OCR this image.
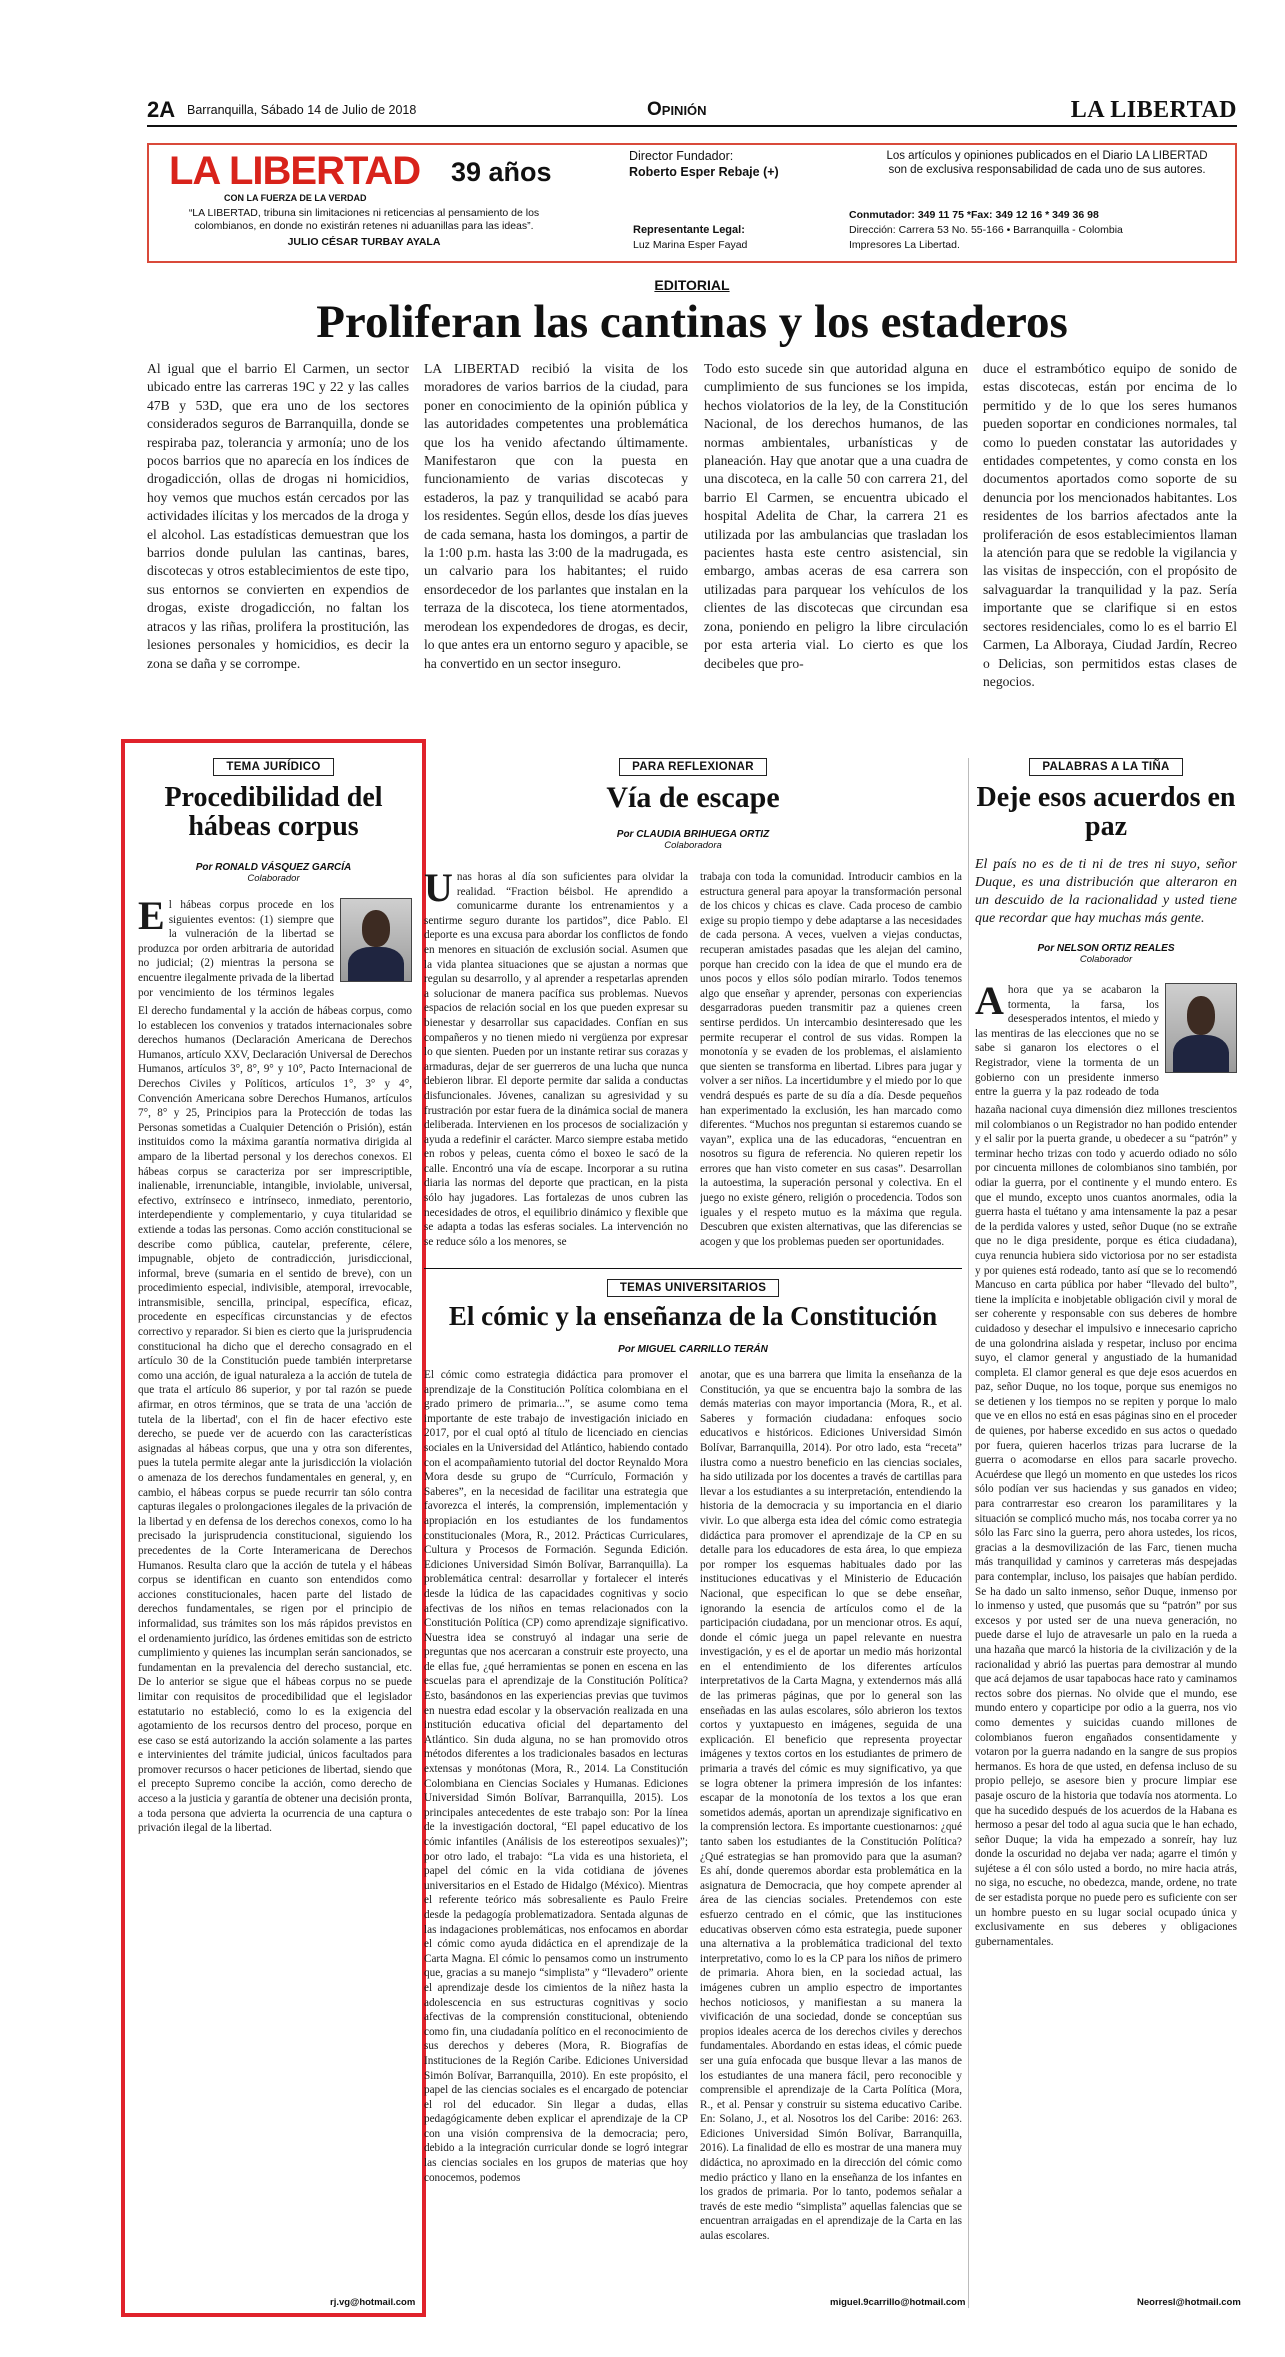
2A Barranquilla, Sábado 14 de Julio de 2018	Opinión	LA LIBERTAD
LA LIBERTAD 39 años
CON LA FUERZA DE LA VERDAD
“LA LIBERTAD, tribuna sin limitaciones ni reticencias al pensamiento de los colombianos, en donde no existirán retenes ni aduanillas para las ideas”.
JULIO CÉSAR TURBAY AYALA
Director Fundador:
Roberto Esper Rebaje (+)
Representante Legal:
Luz Marina Esper Fayad
Los artículos y opiniones publicados en el Diario LA LIBERTAD son de exclusiva responsabilidad de cada uno de sus autores.
Conmutador: 349 11 75 *Fax: 349 12 16 * 349 36 98
Dirección: Carrera 53 No. 55-166 • Barranquilla - Colombia
Impresores La Libertad.
EDITORIAL
Proliferan las cantinas y los estaderos
Al igual que el barrio El Carmen, un sector ubicado entre las carreras 19C y 22 y las calles 47B y 53D, que era uno de los sectores considerados seguros de Barranquilla, donde se respiraba paz, tolerancia y armonía; uno de los pocos barrios que no aparecía en los índices de drogadicción, ollas de drogas ni homicidios, hoy vemos que muchos están cercados por las actividades ilícitas y los mercados de la droga y el alcohol. Las estadísticas demuestran que los barrios donde pululan las cantinas, bares, discotecas y otros establecimientos de este tipo, sus entornos se convierten en expendios de drogas, existe drogadicción, no faltan los atracos y las riñas, prolifera la prostitución, las lesiones personales y homicidios, es decir la zona se daña y se corrompe.
LA LIBERTAD recibió la visita de los moradores de varios barrios de la ciudad, para poner en conocimiento de la opinión pública y las autoridades competentes una problemática que los ha venido afectando últimamente. Manifestaron que con la puesta en funcionamiento de varias discotecas y estaderos, la paz y tranquilidad se acabó para los residentes. Según ellos, desde los días jueves de cada semana, hasta los domingos, a partir de la 1:00 p.m. hasta las 3:00 de la madrugada, es un calvario para los habitantes; el ruido ensordecedor de los parlantes que instalan en la terraza de la discoteca, los tiene atormentados, merodean los expendedores de drogas, es decir, lo que antes era un entorno seguro y apacible, se ha convertido en un sector inseguro.
Todo esto sucede sin que autoridad alguna en cumplimiento de sus funciones se los impida, hechos violatorios de la ley, de la Constitución Nacional, de los derechos humanos, de las normas ambientales, urbanísticas y de planeación. Hay que anotar que a una cuadra de una discoteca, en la calle 50 con carrera 21, del barrio El Carmen, se encuentra ubicado el hospital Adelita de Char, la carrera 21 es utilizada por las ambulancias que trasladan los pacientes hasta este centro asistencial, sin embargo, ambas aceras de esa carrera son utilizadas para parquear los vehículos de los clientes de las discotecas que circundan esa zona, poniendo en peligro la libre circulación por esta arteria vial. Lo cierto es que los decibeles que pro-
duce el estrambótico equipo de sonido de estas discotecas, están por encima de lo permitido y de lo que los seres humanos pueden soportar en condiciones normales, tal como lo pueden constatar las autoridades y entidades competentes, y como consta en los documentos aportados como soporte de su denuncia por los mencionados habitantes. Los residentes de los barrios afectados ante la proliferación de esos establecimientos llaman la atención para que se redoble la vigilancia y las visitas de inspección, con el propósito de salvaguardar la tranquilidad y la paz. Sería importante que se clarifique si en estos sectores residenciales, como lo es el barrio El Carmen, La Alboraya, Ciudad Jardín, Recreo o Delicias, son permitidos estas clases de negocios.
TEMA JURÍDICO
Procedibilidad del hábeas corpus
Por RONALD VÁSQUEZ GARCÍA
Colaborador
El hábeas corpus procede en los siguientes eventos: (1) siempre que la vulneración de la libertad se produzca por orden arbitraria de autoridad no judicial; (2) mientras la persona se encuentre ilegalmente privada de la libertad por vencimiento de los términos legales
El derecho fundamental y la acción de hábeas corpus, como lo establecen los convenios y tratados internacionales sobre derechos humanos (Declaración Americana de Derechos Humanos, artículo XXV, Declaración Universal de Derechos Humanos, artículos 3°, 8°, 9° y 10°, Pacto Internacional de Derechos Civiles y Políticos, artículos 1°, 3° y 4°, Convención Americana sobre Derechos Humanos, artículos 7°, 8° y 25, Principios para la Protección de todas las Personas sometidas a Cualquier Detención o Prisión), están instituidos como la máxima garantía normativa dirigida al amparo de la libertad personal y los derechos conexos. El hábeas corpus se caracteriza por ser imprescriptible, inalienable, irrenunciable, intangible, inviolable, universal, efectivo, extrínseco e intrínseco, inmediato, perentorio, interdependiente y complementario, y cuya titularidad se extiende a todas las personas. Como acción constitucional se describe como pública, cautelar, preferente, célere, impugnable, objeto de contradicción, jurisdiccional, informal, breve (sumaria en el sentido de breve), con un procedimiento especial, indivisible, atemporal, irrevocable, intransmisible, sencilla, principal, específica, eficaz, procedente en específicas circunstancias y de efectos correctivo y reparador. Si bien es cierto que la jurisprudencia constitucional ha dicho que el derecho consagrado en el artículo 30 de la Constitución puede también interpretarse como una acción, de igual naturaleza a la acción de tutela de que trata el artículo 86 superior, y por tal razón se puede afirmar, en otros términos, que se trata de una 'acción de tutela de la libertad', con el fin de hacer efectivo este derecho, se puede ver de acuerdo con las características asignadas al hábeas corpus, que una y otra son diferentes, pues la tutela permite alegar ante la jurisdicción la violación o amenaza de los derechos fundamentales en general, y, en cambio, el hábeas corpus se puede recurrir tan sólo contra capturas ilegales o prolongaciones ilegales de la privación de la libertad y en defensa de los derechos conexos, como lo ha precisado la jurisprudencia constitucional, siguiendo los precedentes de la Corte Interamericana de Derechos Humanos. Resulta claro que la acción de tutela y el hábeas corpus se identifican en cuanto son entendidos como acciones constitucionales, hacen parte del listado de derechos fundamentales, se rigen por el principio de informalidad, sus trámites son los más rápidos previstos en el ordenamiento jurídico, las órdenes emitidas son de estricto cumplimiento y quienes las incumplan serán sancionados, se fundamentan en la prevalencia del derecho sustancial, etc. De lo anterior se sigue que el hábeas corpus no se puede limitar con requisitos de procedibilidad que el legislador estatutario no estableció, como lo es la exigencia del agotamiento de los recursos dentro del proceso, porque en ese caso se está autorizando la acción solamente a las partes e intervinientes del trámite judicial, únicos facultados para promover recursos o hacer peticiones de libertad, siendo que el precepto Supremo concibe la acción, como derecho de acceso a la justicia y garantía de obtener una decisión pronta, a toda persona que advierta la ocurrencia de una captura o privación ilegal de la libertad.
rj.vg@hotmail.com
PARA REFLEXIONAR
Vía de escape
Por CLAUDIA BRIHUEGA ORTIZ
Colaboradora
Unas horas al día son suficientes para olvidar la realidad. “Fraction béisbol. He aprendido a comunicarme durante los entrenamientos y a sentirme seguro durante los partidos”, dice Pablo. El deporte es una excusa para abordar los conflictos de fondo en menores en situación de exclusión social. Asumen que la vida plantea situaciones que se ajustan a normas que regulan su desarrollo, y al aprender a respetarlas aprenden a solucionar de manera pacífica sus problemas. Nuevos espacios de relación social en los que pueden expresar su bienestar y desarrollar sus capacidades. Confían en sus compañeros y no tienen miedo ni vergüenza por expresar lo que sienten. Pueden por un instante retirar sus corazas y armaduras, dejar de ser guerreros de una lucha que nunca debieron librar. El deporte permite dar salida a conductas disfuncionales. Jóvenes, canalizan su agresividad y su frustración por estar fuera de la dinámica social de manera deliberada. Intervienen en los procesos de socialización y ayuda a redefinir el carácter. Marco siempre estaba metido en robos y peleas, cuenta cómo el boxeo le sacó de la calle. Encontró una vía de escape. Incorporar a su rutina diaria las normas del deporte que practican, en la pista sólo hay jugadores. Las fortalezas de unos cubren las necesidades de otros, el equilibrio dinámico y flexible que se adapta a todas las esferas sociales. La intervención no se reduce sólo a los menores, se
trabaja con toda la comunidad. Introducir cambios en la estructura general para apoyar la transformación personal de los chicos y chicas es clave. Cada proceso de cambio exige su propio tiempo y debe adaptarse a las necesidades de cada persona. A veces, vuelven a viejas conductas, recuperan amistades pasadas que les alejan del camino, porque han crecido con la idea de que el mundo era de unos pocos y ellos sólo podían mirarlo. Todos tenemos algo que enseñar y aprender, personas con experiencias desgarradoras pueden transmitir paz a quienes creen sentirse perdidos. Un intercambio desinteresado que les permite recuperar el control de sus vidas. Rompen la monotonía y se evaden de los problemas, el aislamiento que sienten se transforma en libertad. Libres para jugar y volver a ser niños. La incertidumbre y el miedo por lo que vendrá después es parte de su día a día. Desde pequeños han experimentado la exclusión, les han marcado como diferentes. “Muchos nos preguntan si estaremos cuando se vayan”, explica una de las educadoras, “encuentran en nosotros su figura de referencia. No quieren repetir los errores que han visto cometer en sus casas”. Desarrollan la autoestima, la superación personal y colectiva. En el juego no existe género, religión o procedencia. Todos son iguales y el respeto mutuo es la máxima que regula. Descubren que existen alternativas, que las diferencias se acogen y que los problemas pueden ser oportunidades.
TEMAS UNIVERSITARIOS
El cómic y la enseñanza de la Constitución
Por MIGUEL CARRILLO TERÁN
El cómic como estrategia didáctica para promover el aprendizaje de la Constitución Política colombiana en el grado primero de primaria...”, se asume como tema importante de este trabajo de investigación iniciado en 2017, por el cual optó al título de licenciado en ciencias sociales en la Universidad del Atlántico, habiendo contado con el acompañamiento tutorial del doctor Reynaldo Mora Mora desde su grupo de “Currículo, Formación y Saberes”, en la necesidad de facilitar una estrategia que favorezca el interés, la comprensión, implementación y apropiación en los estudiantes de los fundamentos constitucionales (Mora, R., 2012. Prácticas Curriculares, Cultura y Procesos de Formación. Segunda Edición. Ediciones Universidad Simón Bolívar, Barranquilla). La problemática central: desarrollar y fortalecer el interés desde la lúdica de las capacidades cognitivas y socio afectivas de los niños en temas relacionados con la Constitución Política (CP) como aprendizaje significativo. Nuestra idea se construyó al indagar una serie de preguntas que nos acercaran a construir este proyecto, una de ellas fue, ¿qué herramientas se ponen en escena en las escuelas para el aprendizaje de la Constitución Política? Esto, basándonos en las experiencias previas que tuvimos en nuestra edad escolar y la observación realizada en una institución educativa oficial del departamento del Atlántico. Sin duda alguna, no se han promovido otros métodos diferentes a los tradicionales basados en lecturas extensas y monótonas (Mora, R., 2014. La Constitución Colombiana en Ciencias Sociales y Humanas. Ediciones Universidad Simón Bolívar, Barranquilla, 2015). Los principales antecedentes de este trabajo son: Por la línea de la investigación doctoral, “El papel educativo de los cómic infantiles (Análisis de los estereotipos sexuales)”; por otro lado, el trabajo: “La vida es una historieta, el papel del cómic en la vida cotidiana de jóvenes universitarios en el Estado de Hidalgo (México). Mientras el referente teórico más sobresaliente es Paulo Freire desde la pedagogía problematizadora. Sentada algunas de las indagaciones problemáticas, nos enfocamos en abordar el cómic como ayuda didáctica en el aprendizaje de la Carta Magna. El cómic lo pensamos como un instrumento que, gracias a su manejo “simplista” y “llevadero” oriente el aprendizaje desde los cimientos de la niñez hasta la adolescencia en sus estructuras cognitivas y socio afectivas de la comprensión constitucional, obteniendo como fin, una ciudadanía político en el reconocimiento de sus derechos y deberes (Mora, R. Biografías de Instituciones de la Región Caribe. Ediciones Universidad Simón Bolívar, Barranquilla, 2010). En este propósito, el papel de las ciencias sociales es el encargado de potenciar el rol del educador. Sin llegar a dudas, ellas pedagógicamente deben explicar el aprendizaje de la CP con una visión comprensiva de la democracia; pero, debido a la integración curricular donde se logró integrar las ciencias sociales en los grupos de materias que hoy conocemos, podemos
anotar, que es una barrera que limita la enseñanza de la Constitución, ya que se encuentra bajo la sombra de las demás materias con mayor importancia (Mora, R., et al. Saberes y formación ciudadana: enfoques socio educativos e históricos. Ediciones Universidad Simón Bolívar, Barranquilla, 2014). Por otro lado, esta “receta” ilustra como a nuestro beneficio en las ciencias sociales, ha sido utilizada por los docentes a través de cartillas para llevar a los estudiantes a su interpretación, entendiendo la historia de la democracia y su importancia en el diario vivir. Lo que alberga esta idea del cómic como estrategia didáctica para promover el aprendizaje de la CP en su detalle para los educadores de esta área, lo que empieza por romper los esquemas habituales dado por las instituciones educativas y el Ministerio de Educación Nacional, que especifican lo que se debe enseñar, ignorando la esencia de artículos como el de la participación ciudadana, por un mencionar otros. Es aquí, donde el cómic juega un papel relevante en nuestra investigación, y es el de aportar un medio más horizontal en el entendimiento de los diferentes artículos interpretativos de la Carta Magna, y extendernos más allá de las primeras páginas, que por lo general son las enseñadas en las aulas escolares, sólo abrieron los textos cortos y yuxtapuesto en imágenes, seguida de una explicación. El beneficio que representa proyectar imágenes y textos cortos en los estudiantes de primero de primaria a través del cómic es muy significativo, ya que se logra obtener la primera impresión de los infantes: escapar de la monotonía de los textos a los que eran sometidos además, aportan un aprendizaje significativo en la comprensión lectora. Es importante cuestionarnos: ¿qué tanto saben los estudiantes de la Constitución Política? ¿Qué estrategias se han promovido para que la asuman? Es ahí, donde queremos abordar esta problemática en la asignatura de Democracia, que hoy compete aprender al área de las ciencias sociales. Pretendemos con este esfuerzo centrado en el cómic, que las instituciones educativas observen cómo esta estrategia, puede suponer una alternativa a la problemática tradicional del texto interpretativo, como lo es la CP para los niños de primero de primaria. Ahora bien, en la sociedad actual, las imágenes cubren un amplio espectro de importantes hechos noticiosos, y manifiestan a su manera la vivificación de una sociedad, donde se conceptúan sus propios ideales acerca de los derechos civiles y derechos fundamentales. Abordando en estas ideas, el cómic puede ser una guía enfocada que busque llevar a las manos de los estudiantes de una manera fácil, pero reconocible y comprensible el aprendizaje de la Carta Política (Mora, R., et al. Pensar y construir su sistema educativo Caribe. En: Solano, J., et al. Nosotros los del Caribe: 2016: 263. Ediciones Universidad Simón Bolívar, Barranquilla, 2016). La finalidad de ello es mostrar de una manera muy didáctica, no aproximado en la dirección del cómic como medio práctico y llano en la enseñanza de los infantes en los grados de primaria. Por lo tanto, podemos señalar a través de este medio “simplista” aquellas falencias que se encuentran arraigadas en el aprendizaje de la Carta en las aulas escolares.
miguel.9carrillo@hotmail.com
PALABRAS A LA TIÑA
Deje esos acuerdos en paz
El país no es de ti ni de tres ni suyo, señor Duque, es una distribución que alteraron en un descuido de la racionalidad y usted tiene que recordar que hay muchas más gente.
Por NELSON ORTIZ REALES
Colaborador
Ahora que ya se acabaron la tormenta, la farsa, los desesperados intentos, el miedo y las mentiras de las elecciones que no se sabe si ganaron los electores o el Registrador, viene la tormenta de un gobierno con un presidente inmerso entre la guerra y la paz rodeado de toda
hazaña nacional cuya dimensión diez millones trescientos mil colombianos o un Registrador no han podido entender y el salir por la puerta grande, u obedecer a su “patrón” y terminar hecho trizas con todo y acuerdo odiado no sólo por cincuenta millones de colombianos sino también, por odiar la guerra, por el continente y el mundo entero. Es que el mundo, excepto unos cuantos anormales, odia la guerra hasta el tuétano y ama intensamente la paz a pesar de la perdida valores y usted, señor Duque (no se extrañe que no le diga presidente, porque es ética ciudadana), cuya renuncia hubiera sido victoriosa por no ser estadista y por quienes está rodeado, tanto así que se lo recomendó Mancuso en carta pública por haber “llevado del bulto”, tiene la implícita e inobjetable obligación civil y moral de ser coherente y responsable con sus deberes de hombre cuidadoso y desechar el impulsivo e innecesario capricho de una golondrina aislada y respetar, incluso por encima suyo, el clamor general y angustiado de la humanidad completa. El clamor general es que deje esos acuerdos en paz, señor Duque, no los toque, porque sus enemigos no se detienen y los tiempos no se repiten y porque lo malo que ve en ellos no está en esas páginas sino en el proceder de quienes, por haberse excedido en sus actos o quedado por fuera, quieren hacerlos trizas para lucrarse de la guerra o acomodarse en ellos para sacarle provecho. Acuérdese que llegó un momento en que ustedes los ricos sólo podían ver sus haciendas y sus ganados en video; para contrarrestar eso crearon los paramilitares y la situación se complicó mucho más, nos tocaba correr ya no sólo las Farc sino la guerra, pero ahora ustedes, los ricos, gracias a la desmovilización de las Farc, tienen mucha más tranquilidad y caminos y carreteras más despejadas para contemplar, incluso, los paisajes que habían perdido. Se ha dado un salto inmenso, señor Duque, inmenso por lo inmenso y usted, que pusomás que su “patrón” por sus excesos y por usted ser de una nueva generación, no puede darse el lujo de atravesarle un palo en la rueda a una hazaña que marcó la historia de la civilización y de la racionalidad y abrió las puertas para demostrar al mundo que acá dejamos de usar tapabocas hace rato y caminamos rectos sobre dos piernas. No olvide que el mundo, ese mundo entero y coparticipe por odio a la guerra, nos vio como dementes y suicidas cuando millones de colombianos fueron engañados consentidamente y votaron por la guerra nadando en la sangre de sus propios hermanos. Es hora de que usted, en defensa incluso de su propio pellejo, se asesore bien y procure limpiar ese pasaje oscuro de la historia que todavía nos atormenta. Lo que ha sucedido después de los acuerdos de la Habana es hermoso a pesar del todo al agua sucia que le han echado, señor Duque; la vida ha empezado a sonreír, hay luz donde la oscuridad no dejaba ver nada; agarre el timón y sujétese a él con sólo usted a bordo, no mire hacia atrás, no siga, no escuche, no obedezca, mande, ordene, no trate de ser estadista porque no puede pero es suficiente con ser un hombre puesto en su lugar social ocupado única y exclusivamente en sus deberes y obligaciones gubernamentales.
Neorresl@hotmail.com
